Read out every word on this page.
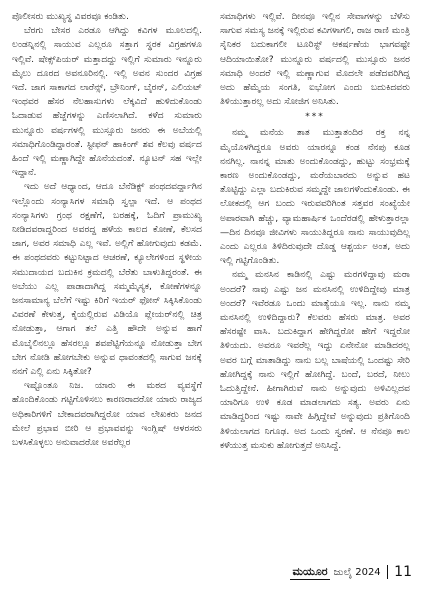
ಪೊಲೀಸರು ಮುಖ್ಯಸ್ಥ ವಿವರವೂ ಕಂಡಿತು.

ಬೆರಗು ಬೇಸರ ಎರಡೂ ಆಗಿದ್ದು ಕವಿಗಳ ಮೂಲದಲ್ಲಿ. ಲಂಡನ್ನಿನಲ್ಲಿ ಸಾಯುವ ಎಲ್ಲರೂ ಸತ್ತಾಗ ಸ್ಥರಕ ವಿಗ್ರಹಗಳೂ ಇಲ್ಲಿವೆ. ಷೇಕ್ಸ್‌ಪಿಯರ್ ಮತ್ತಾದದ್ದು ಇಲ್ಲಿಗೆ ಸುಮಾರು ಇನ್ನೂರು ಮೈಲು ದೂರದ ಅವನೂರಿನಲ್ಲಿ. ಇಲ್ಲಿ ಅವನ ಸುಂದರ ವಿಗ್ರಹ ಇದೆ. ಜಾಗ ಸಾಕಾಗದ ಲಾರೆನ್ಸ್, ಬ್ರೌನಿಂಗ್, ಬೈರನ್, ಎಲಿಯಟ್ ಇಂಥವರ ಹೆಸರ ನೆಲಹಾಸುಗಳು ಲೆಕ್ಕವಿದೆ ಹುಳಿದುಕೊಂಡು ಓದಾಡುವ ಹೆಜ್ಜೆಗಳನ್ನು ಎಣಿಸಲಾಗಿದೆ. ಕಳೆದ ಸುಮಾರು ಮುನ್ನೂರು ವರ್ಷಗಳಲ್ಲಿ ಮುಸ್ಸೂರು ಜನರು ಈ ಅಬೆಯಲ್ಲಿ ಸಮಾಧಿಗೊಂಡಿದ್ದಾರಂತೆ. ಸ್ಟೀಫನ್ ಹಾಕಿಂಗ್ ಶವ ಕೆಲವು ವರ್ಷದ ಹಿಂದೆ ಇಲ್ಲಿ ಮಣ್ಣಾಗಿದ್ದೇ ಹೊನೆಯದಂತೆ. ನ್ಯೂಟನ್ ಸಹ ಇಲ್ಲೇ ಇದ್ದಾನೆ.

ಇದು ಅದೆ ಆಧ್ಯಾಂದ, ಆದೂ ಬೆನೆಡಿಕ್ಟ್ ಪಂಥದವರ್ದ್ದಾಗಿನ ಇಲ್ಲೊಂದು ಸಂನ್ಯಾಸಿಗಳ ಸಮಾಧಿ ಸ್ವಲ್ಪಾ ಇದೆ. ಆ ಪಂಥದ ಸಂನ್ಯಾಸಿಗಳು ಗ್ರಂಥ ರಕ್ಷಣೆಗೆ, ಬರಹಕ್ಕೆ, ಓದಿಗೆ ಪ್ರಾಮುಖ್ಯ ನೀಡಿದವರಾದ್ದರಿಂದ ಅವರದ್ದ ಹಳೆಯ ಕಾಲದ ಕೋಣೆ, ಕೆಲಸದ ಜಾಗ, ಅವರ ಸಮಾಧಿ ಎಲ್ಲ ಇವೆ. ಅಲ್ಲಿಗೆ ಹೋಗುವುದು ಕಡಮೆ. ಈ ಪಂಥದವರು ಕಟ್ಟುನಿಟ್ಟಾದ ಆಚರಣೆ, ಕ್ಯೂಲೇಗಳಿಂದ ಸ್ಥಳೀಯ ಸಮುದಾಯದ ಬದುಕಿನ ಕ್ರಮದಲ್ಲಿ ಬೆರೆತು ಬಾಳುತಿದ್ದರಂತೆ. ಈ ಅಬೆಯು ಎಲ್ಲ ಪಾಡಾದಾಗಿದ್ದ ಸಮ್ಮಮೈಸ್ಯಕ, ಕೋಣೆಗಳನ್ನೂ ಜನಸಾಮಾನ್ಯ ಬೆಲೆಗೆ ಇಷ್ಟು ಕಿರಿಗೆ ಇಯರ್ ಫೋನ್ ಸಿಕ್ಕಿಸಿಕೊಂಡು ವಿವರಣೆ ಕೇಳುತ್ತ, ಕೈಯಲ್ಲಿರುವ ವಿಡಿಯೊ ಪ್ಲೇಯರ್‌ನಲ್ಲಿ ಚಿತ್ರ ನೋಡುತ್ತಾ, ಆಗಾಗ ತಲೆ ಎತ್ತಿ ಹೌದೇ ಅನ್ನುವ ಹಾಗೆ ಮೊಬೈಲಿನಲ್ಲೂ ಹೆಸರಲ್ಲೂ ಶವಪೆಟ್ಟಿಗೆಯನ್ನೂ ನೋಡುತ್ತಾ ಬೇಗ ಬೇಗ ನೋಡಿ ಹೋಗಬೇಕು ಅನ್ನುವ ಧಾವಂತದಲ್ಲಿ ಸಾಗುವ ಜನಕ್ಕೆ ನನಗೆ ಎಲ್ಲಿ ಏನು ಸಿಕ್ಕಿತೋ?

ಇಷ್ಟೊಂತೂ ನಿಜ. ಯಾರು ಈ ಮಠದ ವ್ಯವಸ್ಥೆಗೆ ಹೊಂದಿಕೊಂಡು ಗಟ್ಟಿಗೊಳಿಸಲು ಕಾರಣರಾದರೋ ಯಾರು ರಾಜ್ಯದ ಅಧಿಕಾರಿಗಳಿಗೆ ಬೇಕಾದವರಾಗಿದ್ದರೋ ಯಾವ ಲೇಖಕರು ಜನದ ಮೇಲೆ ಪ್ರಭಾವ ಬೀರಿ ಆ ಪ್ರಭಾವವನ್ನು ಇಂಗ್ಲಿಷ್ ಆಳರಸರು ಬಳಸಿಕೊಳ್ಳಲು ಅನುವಾದರೋ ಅವರೆಲ್ಲರ

ಸಮಾಧಿಗಳು ಇಲ್ಲಿವೆ. ದೀನವೂ ಇಲ್ಲಿನ ಸೇವಾಗಳನ್ನು ಬೆಳೆಸು ಸಾಗುವ ಸಮಸ್ಯ ಜನಕ್ಕೆ ಇಲ್ಲಿರುವ ಕವಿಗಳಾಗಲಿ, ರಾಜ ರಾಣಿ ಮಂತ್ರಿ ಸೈನಿಕರ ಬದುಕಾಗಲೀ ಟೂರಿಸ್ಟ್ ಆಕರ್ಷಣೆಯ ಭಾಗವಷ್ಟೇ ಆದಿಯಾಯಿತೋ? ಮುನ್ನೂರು ವರ್ಷದಲ್ಲಿ ಮುಸ್ಸೂರು ಜನರ ಸಮಾಧಿ ಅಂದರೆ ಇಲ್ಲಿ ಮಣ್ಣಾಗುವ ಮೊದಲೇ ಪಡೆದವರಿಗಿದ್ದ ಅದು ಹೆಮ್ಮೆಯ ಸಂಗತಿ, ಐಭೋಗ ಎಂದು ಬದುಕಿದವರು ತಿಳಿಯುತ್ತಾರಲ್ಲ ಅದು ಸೋಜಿಗ ಅನಿಸಿತು.

***

ನಮ್ಮ ಮನೆಯ ತಾತ ಮುತ್ತಾತಂದಿರ ರಕ್ತ ನನ್ನ ಮೈಯೊಳಗಿದ್ದರೂ ಅವರು ಯಾರನ್ನೂ ಕಂಡ ನೆನಪು ಕೂಡ ನನಗಿಲ್ಲ. ನಾನನ್ನ ಮಾತು ಅಂದುಕೊಂಡದ್ದು, ಹುಟ್ಟು ಸಂಭ್ರಮಕ್ಕೆ ಕಾರಣ ಅಂದುಕೊಂಡದ್ದು, ಮರೆಯಬಾರದು ಅನ್ನುವ ಹಟ ತೊಟ್ಟಿದ್ದು ಎಲ್ಲಾ ಬದುಕಿರುವ ಸಮ್ಮದ್ದೇ ಜಾಲಗಳೆಂದುಕೊಂಡು. ಈ ಲೋಕದಲ್ಲಿ ಆಗ ಬಂದು ಇರುವವರಿಗಿಂತ ಸತ್ತವರ ಸಂಖ್ಯೆಯೇ ಅಪಾರವಾಗಿ ಹೆಚ್ಚು, ವ್ಯಾಮಹಾರ್ಷಿಕ ಒಂದೆರಡಲ್ಲಿ ಹೇಳುತ್ತಾರಲ್ಲಾ—ದಿನ ದಿನವೂ ಜೀವಿಗಳು ಸಾಯುತಿದ್ದರೂ ನಾನು ಸಾಯುವುದಿಲ್ಲ ಎಂದು ಎಲ್ಲರೂ ತಿಳಿದಿರುವುದೇ ದೊಡ್ಡ ಆಶ್ಚರ್ಯ ಅಂತ, ಅದು ಇಲ್ಲಿ ಗಟ್ಟಿಗೊಂಡಿತು.

ನಮ್ಮ ಮನಸಿನ ಕಾಡಿನಲ್ಲಿ ಎಷ್ಟು ಮರಗಳಿದ್ದಾವು ಮರಾ ಅಂದರೆ? ನಾವು ಎಷ್ಟು ಜನ ಮನಸಿನಲ್ಲಿ ಉಳಿದಿದ್ದೇವು ಮಾತ್ರ ಅಂದರೆ? ಇವೆರಡೂ ಒಂದು ಮಾತ್ಯೆಯೂ ಇಲ್ಲ. ನಾನು ನಮ್ಮ ಮನಸಿನಲ್ಲಿ ಉಳಿದಿದ್ದಾರು? ಕೆಲವರು ಹೆಸರು ಮಾತ್ರ. ಅವರ ಹೆಸರಷ್ಟೇ ವಾಸಿ. ಬದುಕಿದ್ದಾಗ ಹೇಗಿದ್ದರೋ ಹೇಗೆ ಇದ್ದರೋ ತಿಳಿಯದು. ಅವರೂ ಇವರೆಲ್ಲ ಇದ್ದು ಏನೇನೋ ಮಾಡಿದರಲ್ಲ ಅವರ ಬಗ್ಗೆ ಮಾತಾಡಿದ್ದು ನಾನು ಬಲ್ಲ ಬಾಷೆಯಲ್ಲಿ ಒಂದಷ್ಟು ಸೇರಿ ಹೋಗಿದ್ದಕ್ಕೆ ನಾನು ಇಲ್ಲಿಗೆ ಹೋಗಿದ್ದೆ. ಬಂದೆ, ಬರದೆ, ನೀಲು ಓದುತ್ತಿದ್ದೇನೆ. ಹೀಗಾಗಿರುವೆ ನಾನು ಅನ್ನುವುದು ಅಳಿವಿಲ್ಲದವ ಯಾರಿಗೂ ಉಳಿ ಕೂಡ ಮಾಡಲಾಗದು ಸತ್ಯ. ಅವರು ಏನು ಮಾಡಿದ್ದರಿಂದ ಇಷ್ಟು ನಾವೇ ಹಿಗ್ಗಿದ್ದೇವೆ ಅನ್ನುವುದು ಪ್ರತಿಗೊಂದಿ ತಿಳಿಯಲಾಗದ ನಿಗೂಢ. ಅದ ಒಂದು ಸ್ವರಣೆ. ಆ ನೆನಪೂ ಕಾಲ ಕಳೆಯುತ್ತ ಮಸುಕು ಹೋಗುತ್ತದೆ ಅನಿಸಿದ್ದೆ.

ಮಯೂರ ಜುಲೈ 2024 11
